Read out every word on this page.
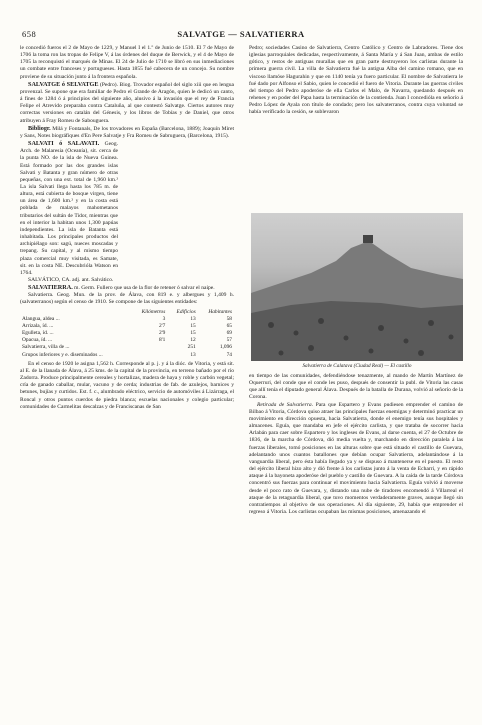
658	SALVATGE — SALVATIERRA

le concedió fueros el 2 de Mayo de 1229, y Manuel I el 1.º de Junio de 1510. El 7 de Mayo de 1706 la toma ron las tropas de Felipe V, á las órdenes del duque de Berwick, y el 4 de Mayo de 1705 la reconquistó el marqués de Minas. El 24 de Julio de 1710 se libró en sus inmediaciones un combate entre franceses y portugueses. Hasta 1855 fué cabecera de un concejo. Su nombre proviene de su situación junto á la frontera española.

SALVATGE ó SELVATGE (Pedro). Biog. Trovador español del siglo xiii que en lengua provenzal. Se supone que era familiar de Pedro el Grande de Aragón, quien le dedicó un canto, á fines de 1284 ó á principios del siguiente año, alusivo á la invasión que el rey de Francia Felipe el Atrevido preparaba contra Cataluña, al que contestó Salvatge. Ciertos autores muy correctas versiones en catalán del Génesis, y los libros de Tobías y de Daniel, que otros atribuyen á Fray Romeu de Sabouguera.

Bibliogr. Milá y Fontanals, De los trovadores en España (Barcelona, 1889); Joaquín Miret y Sans, Notes biográfiques d'En Pere Salvatje y Fra Romeu de Sabruguera, (Barcelona, 1915).

SALVATI ó SALAVATI. Geog. Arch. de Malaresia (Oceanía), sit. cerca de la punta NO. de la isla de Nueva Guinea. Está formado por las dos grandes islas Salvati y Batanta y gran número de otras pequeñas, con una ext. total de 1,960 km.² La isla Salvati llega hasta los 785 m. de altura, está cubierta de bosque virgen, tiene un área de 1,600 km.² y en la costa está poblada de malayos mahometanos tributarios del sultán de Tidor, mientras que en el interior la habitan unos 1,300 papúas independientes. La isla de Batanta está inhabitada. Los principales productos del archipiélago son: sagú, nueces moscadas y trepang. Su capital, y al mismo tiempo plaza comercial muy visitada, es Samate, sit. en la costa NE. Descubrióla Watson en 1764.

SALVÁTICO, CA. adj. ant. Salvático.

SALVATIERRA. m. Germ. Fullero que usa de la flor de retener ó salvar el naipe.

Salvatierra. Geog. Mun. de la prov. de Álava, con 819 e. y albergues y 1,409 h. (salvaterranos) según el censo de 1910. Se compone de las siguientes entidades:

	Kilómetros	Edificios	Habitantes
Alangua, aldea ...	3	13	58
Arrizala, íd. ...	2'7	15	65
Egulleta, íd. ...	2'9	15	69
Opacua, íd. ...	8'1	12	57
Salvatierra, villa de ...		251	1,096
Grupos inferiores y e. diseminados ...		13	74

En el censo de 1920 le asigna 1,562 h. Corresponde al p. j. y á la dióc. de Vitoria, y está sit. al E. de la llanada de Álava, á 25 kms. de la capital de la provincia, en terreno bañado por el río Zadorra. Produce principalmente cereales y hortalizas, madera de haya y roble y carbón vegetal; cría de ganado caballar, mular, vacuno y de cerda; industrias de fab. de azulejos, barnices y betunes, bujías y curtidos. Est. f. c., alumbrado eléctrico, servicio de automóviles á Lizárraga, el Roncal y otros puntos cuerdos de piedra blanca; escuelas nacionales y colegio particular; comunidades de Carmelitas descalzas y de Franciscanas de San

Pedro; sociedades Casino de Salvatierra, Centro Católico y Centro de Labradores. Tiene dos iglesias parroquiales dedicadas, respectivamente, á Santa María y á San Juan, ambas de estilo gótico, y restos de antiguas murallas que en gran parte destruyeron los carlistas durante la primera guerra civil. La villa de Salvatierra fué la antigua Alba del camino romano, que en viscoso llamóse Hagurahin y que en 1140 tenía ya fuero particular. El nombre de Salvatierra le fué dado por Alfonso el Sabio, quien le concedió el fuero de Vitoria. Durante las guerras civiles del tiempo del Pedro apoderóse de ella Carlos el Malo, de Navarra, quedando después en rehenes y en poder del Papa hasta la terminación de la contienda. Juan I concedióla en señorío á Pedro López de Ayala con título de condado; pero los salvaterranos, contra cuya voluntad se había verificado la cesión, se sublevaron

Salvatierra de Calatava (Ciudad Real) — El castillo

en tiempo de las comunidades, defendiéndose tenazmente, al mando de Martín Martínez de Oquerruri, del conde que el conde les puso, después de consentir la publ. de Vitoria las casas que allí tenía el diputado general Álava. Después de la batalla de Durana, volvió al señorío de la Corona.

Retirada de Salvatierra. Para que Espartero y Evans pudiesen emprender el camino de Bilbao á Vitoria, Córdova quiso atraer las principales fuerzas enemigas y determinó practicar un movimiento en dirección opuesta, hacia Salvatierra, donde el enemigo tenía sus hospitales y almacenes. Eguía, que mandaba en jefe el ejército carlista, y que trataba de socorrer hacia Arlabán para caer sobre Espartero y los ingleses de Evans, al darse cuenta, el 27 de Octubre de 1836, de la marcha de Córdova, dió media vuelta y, marchando en dirección paralela á las fuerzas liberales, tomó posiciones en las alturas sobre que está situado el castillo de Guevara, adelantando unos cuantos batallones que debían ocupar Salvatierra, adelantándose á la vanguardia liberal, pero ésta había llegado ya y se dispuso á mantenerse en el puesto. El resto del ejército liberal hizo alto y dió frente á los carlistas junto á la venta de Echarri, y en rápido ataque á la bayoneta apoderóse del pueblo y castillo de Guevara. A la caída de la tarde Córdova concentró sus fuerzas para continuar el movimiento hacia Salvatierra. Eguía volvió á moverse desde el poco rato de Guevara, y, distando una nube de tiradores encomendó á Villarreal el ataque de la retaguardia liberal, que tuvo momentos verdaderamente graves, aunque llegó sin contratiempos al objetivo de sus operaciones. Al día siguiente, 29, había que emprender el regreso á Vitoria. Los carlistas ocupaban las mismas posiciones, amenazando el
